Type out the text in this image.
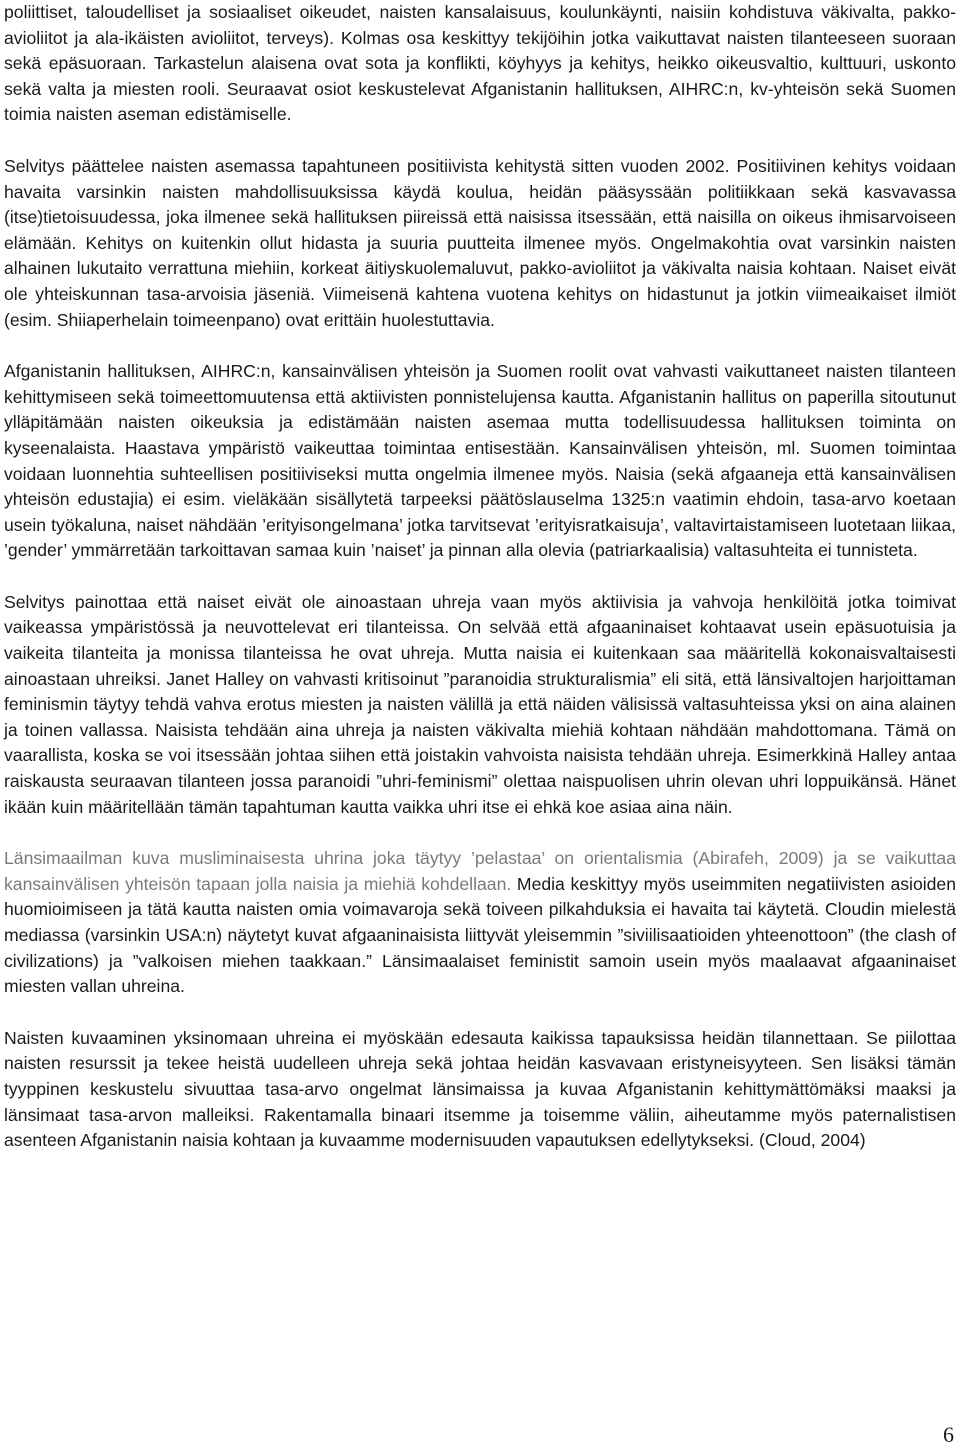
poliittiset, taloudelliset ja sosiaaliset oikeudet, naisten kansalaisuus, koulunkäynti, naisiin kohdistuva väkivalta, pakko-avioliitot ja ala-ikäisten avioliitot, terveys). Kolmas osa keskittyy tekijöihin jotka vaikuttavat naisten tilanteeseen suoraan sekä epäsuoraan. Tarkastelun alaisena ovat sota ja konflikti, köyhyys ja kehitys, heikko oikeusvaltio, kulttuuri, uskonto sekä valta ja miesten rooli. Seuraavat osiot keskustelevat Afganistanin hallituksen, AIHRC:n, kv-yhteisön sekä Suomen toimia naisten aseman edistämiselle.

Selvitys päättelee naisten asemassa tapahtuneen positiivista kehitystä sitten vuoden 2002. Positiivinen kehitys voidaan havaita varsinkin naisten mahdollisuuksissa käydä koulua, heidän pääsyssään politiikkaan sekä kasvavassa (itse)tietoisuudessa, joka ilmenee sekä hallituksen piireissä että naisissa itsessään, että naisilla on oikeus ihmisarvoiseen elämään. Kehitys on kuitenkin ollut hidasta ja suuria puutteita ilmenee myös. Ongelmakohtia ovat varsinkin naisten alhainen lukutaito verrattuna miehiin, korkeat äitiyskuolemaluvut, pakko-avioliitot ja väkivalta naisia kohtaan. Naiset eivät ole yhteiskunnan tasa-arvoisia jäseniä. Viimeisenä kahtena vuotena kehitys on hidastunut ja jotkin viimeaikaiset ilmiöt (esim. Shiiaperhelain toimeenpano) ovat erittäin huolestuttavia.

Afganistanin hallituksen, AIHRC:n, kansainvälisen yhteisön ja Suomen roolit ovat vahvasti vaikuttaneet naisten tilanteen kehittymiseen sekä toimeettomuutensa että aktiivisten ponnistelujensa kautta. Afganistanin hallitus on paperilla sitoutunut ylläpitämään naisten oikeuksia ja edistämään naisten asemaa mutta todellisuudessa hallituksen toiminta on kyseenalaista. Haastava ympäristö vaikeuttaa toimintaa entisestään. Kansainvälisen yhteisön, ml. Suomen toimintaa voidaan luonnehtia suhteellisen positiiviseksi mutta ongelmia ilmenee myös. Naisia (sekä afgaaneja että kansainvälisen yhteisön edustajia) ei esim. vieläkään sisällytetä tarpeeksi päätöslauselma 1325:n vaatimin ehdoin, tasa-arvo koetaan usein työkaluna, naiset nähdään ’erityisongelmana’ jotka tarvitsevat ’erityisratkaisuja’, valtavirtaistamiseen luotetaan liikaa, ’gender’ ymmärretään tarkoittavan samaa kuin ’naiset’ ja pinnan alla olevia (patriarkaalisia) valtasuhteita ei tunnisteta.

Selvitys painottaa että naiset eivät ole ainoastaan uhreja vaan myös aktiivisia ja vahvoja henkilöitä jotka toimivat vaikeassa ympäristössä ja neuvottelevat eri tilanteissa. On selvää että afgaaninaiset kohtaavat usein epäsuotuisia ja vaikeita tilanteita ja monissa tilanteissa he ovat uhreja. Mutta naisia ei kuitenkaan saa määritellä kokonaisvaltaisesti ainoastaan uhreiksi. Janet Halley on vahvasti kritisoinut ”paranoidia strukturalismia” eli sitä, että länsivaltojen harjoittaman feminismin täytyy tehdä vahva erotus miesten ja naisten välillä ja että näiden välisissä valtasuhteissa yksi on aina alainen ja toinen vallassa. Naisista tehdään aina uhreja ja naisten väkivalta miehiä kohtaan nähdään mahdottomana. Tämä on vaarallista, koska se voi itsessään johtaa siihen että joistakin vahvoista naisista tehdään uhreja. Esimerkkinä Halley antaa raiskausta seuraavan tilanteen jossa paranoidi ”uhri-feminismi” olettaa naispuolisen uhrin olevan uhri loppuikänsä. Hänet ikään kuin määritellään tämän tapahtuman kautta vaikka uhri itse ei ehkä koe asiaa aina näin.

Länsimaailman kuva musliminaisesta uhrina joka täytyy ’pelastaa’ on orientalismia (Abirafeh, 2009) ja se vaikuttaa kansainvälisen yhteisön tapaan jolla naisia ja miehiä kohdellaan. Media keskittyy myös useimmiten negatiivisten asioiden huomioimiseen ja tätä kautta naisten omia voimavaroja sekä toiveen pilkahduksia ei havaita tai käytetä. Cloudin mielestä mediassa (varsinkin USA:n) näytetyt kuvat afgaaninaisista liittyvät yleisemmin ”siviilisaatioiden yhteenottoon” (the clash of civilizations) ja ”valkoisen miehen taakkaan.” Länsimaalaiset feministit samoin usein myös maalaavat afgaaninaiset miesten vallan uhreina.

Naisten kuvaaminen yksinomaan uhreina ei myöskään edesauta kaikissa tapauksissa heidän tilannettaan. Se piilottaa naisten resurssit ja tekee heistä uudelleen uhreja sekä johtaa heidän kasvavaan eristyneisyyteen. Sen lisäksi tämän tyyppinen keskustelu sivuuttaa tasa-arvo ongelmat länsimaissa ja kuvaa Afganistanin kehittymättömäksi maaksi ja länsimaat tasa-arvon malleiksi. Rakentamalla binaari itsemme ja toisemme väliin, aiheutamme myös paternalistisen asenteen Afganistanin naisia kohtaan ja kuvaamme modernisuuden vapautuksen edellytykseksi. (Cloud, 2004)

6
